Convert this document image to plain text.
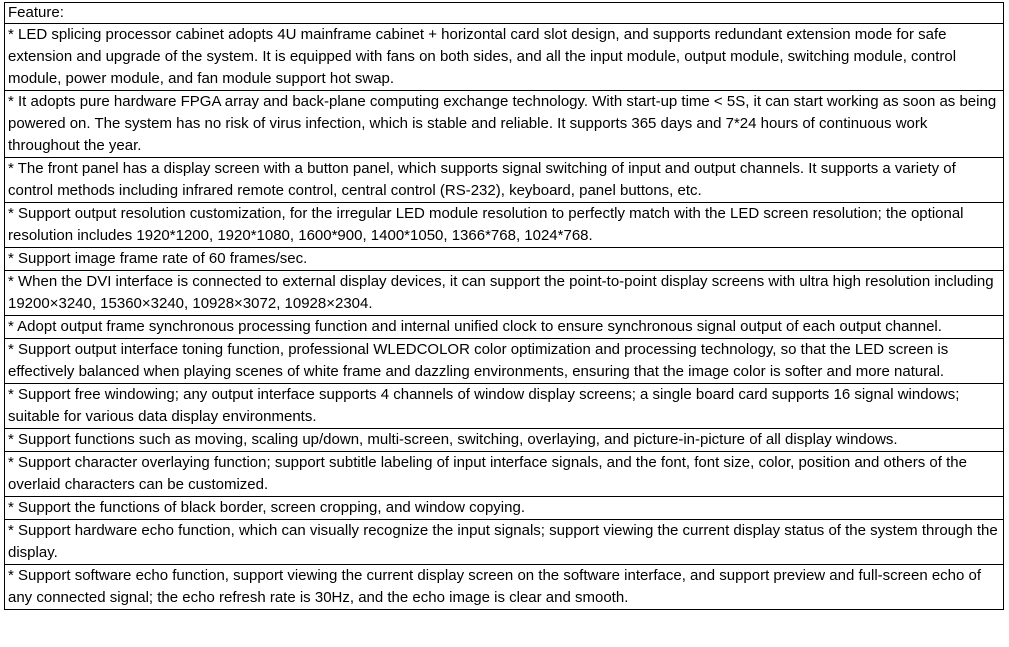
Feature:
* LED splicing processor cabinet adopts 4U mainframe cabinet + horizontal card slot design, and supports redundant extension mode for safe extension and upgrade of the system. It is equipped with fans on both sides, and all the input module, output module, switching module, control module, power module, and fan module support hot swap.
* It adopts pure hardware FPGA array and back-plane computing exchange technology. With start-up time < 5S, it can start working as soon as being powered on. The system has no risk of virus infection, which is stable and reliable. It supports 365 days and 7*24 hours of continuous work throughout the year.
* The front panel has a display screen with a button panel, which supports signal switching of input and output channels. It supports a variety of control methods including infrared remote control, central control (RS-232), keyboard, panel buttons, etc.
* Support output resolution customization, for the irregular LED module resolution to perfectly match with the LED screen resolution; the optional resolution includes 1920*1200, 1920*1080, 1600*900, 1400*1050, 1366*768, 1024*768.
* Support image frame rate of 60 frames/sec.
* When the DVI interface is connected to external display devices, it can support the point-to-point display screens with ultra high resolution including 19200×3240, 15360×3240, 10928×3072, 10928×2304.
* Adopt output frame synchronous processing function and internal unified clock to ensure synchronous signal output of each output channel.
* Support output interface toning function, professional WLEDCOLOR color optimization and processing technology, so that the LED screen is effectively balanced when playing scenes of white frame and dazzling environments, ensuring that the image color is softer and more natural.
* Support free windowing; any output interface supports 4 channels of window display screens; a single board card supports 16 signal windows; suitable for various data display environments.
* Support functions such as moving, scaling up/down, multi-screen, switching, overlaying, and picture-in-picture of all display windows.
* Support character overlaying function; support subtitle labeling of input interface signals, and the font, font size, color, position and others of the overlaid characters can be customized.
* Support the functions of black border, screen cropping, and window copying.
* Support hardware echo function, which can visually recognize the input signals; support viewing the current display status of the system through the display.
* Support software echo function, support viewing the current display screen on the software interface, and support preview and full-screen echo of any connected signal; the echo refresh rate is 30Hz, and the echo image is clear and smooth.
